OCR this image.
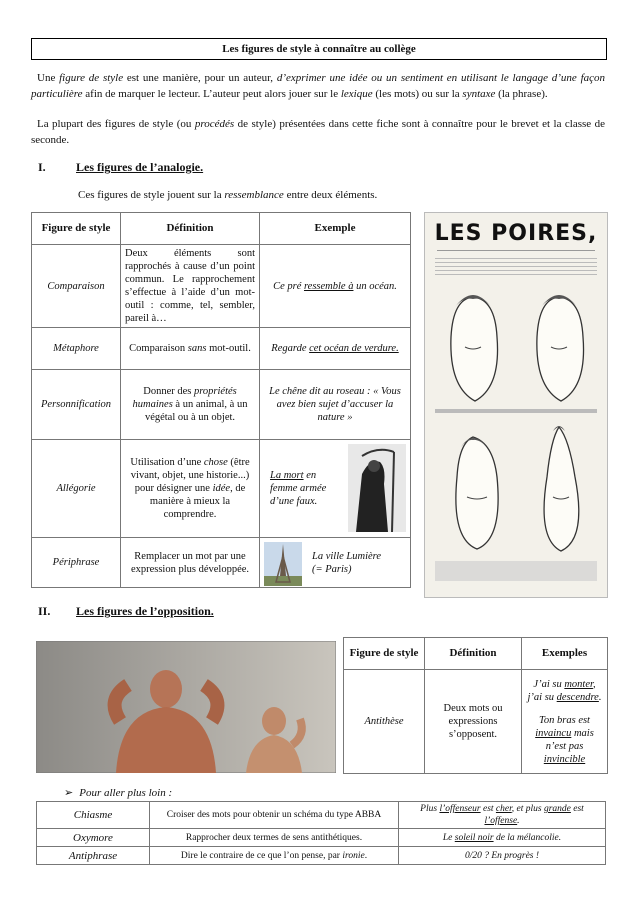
Les figures de style à connaître au collège
Une figure de style est une manière, pour un auteur, d’exprimer une idée ou un sentiment en utilisant le langage d’une façon particulière afin de marquer le lecteur. L’auteur peut alors jouer sur le lexique (les mots) ou sur la syntaxe (la phrase).
La plupart des figures de style (ou procédés de style) présentées dans cette fiche sont à connaître pour le brevet et la classe de seconde.
I.	Les figures de l’analogie.
Ces figures de style jouent sur la ressemblance entre deux éléments.
Figure de style	Définition	Exemple
Comparaison	Deux éléments sont rapprochés à cause d’un point commun. Le rapprochement s’effectue à l’aide d’un mot-outil : comme, tel, sembler, pareil à…	Ce pré ressemble à un océan.
Métaphore	Comparaison sans mot-outil.	Regarde cet océan de verdure.
Personnification	Donner des propriétés humaines à un animal, à un végétal ou à un objet.	Le chêne dit au roseau : « Vous avez bien sujet d’accuser la nature »
Allégorie	Utilisation d’une chose (être vivant, objet, une historie...) pour désigner une idée, de manière à mieux la comprendre.	La mort en femme armée d’une faux.

Périphrase	Remplacer un mot par une expression plus développée.	La ville Lumière (= Paris)
LES POIRES,
II. Les figures de l’opposition.
Figure de style	Définition	Exemples
Antithèse	Deux mots ou expressions s’opposent.	J’ai su monter,
j’ai su descendre.
Ton bras est invaincu mais n’est pas invincible
➢ Pour aller plus loin :
Chiasme	Croiser des mots pour obtenir un schéma du type ABBA	Plus l’offenseur est cher, et plus grande est l’offense.
Oxymore	Rapprocher deux termes de sens antithétiques.	Le soleil noir de la mélancolie.
Antiphrase	Dire le contraire de ce que l’on pense, par ironie.	0/20 ? En progrès !
